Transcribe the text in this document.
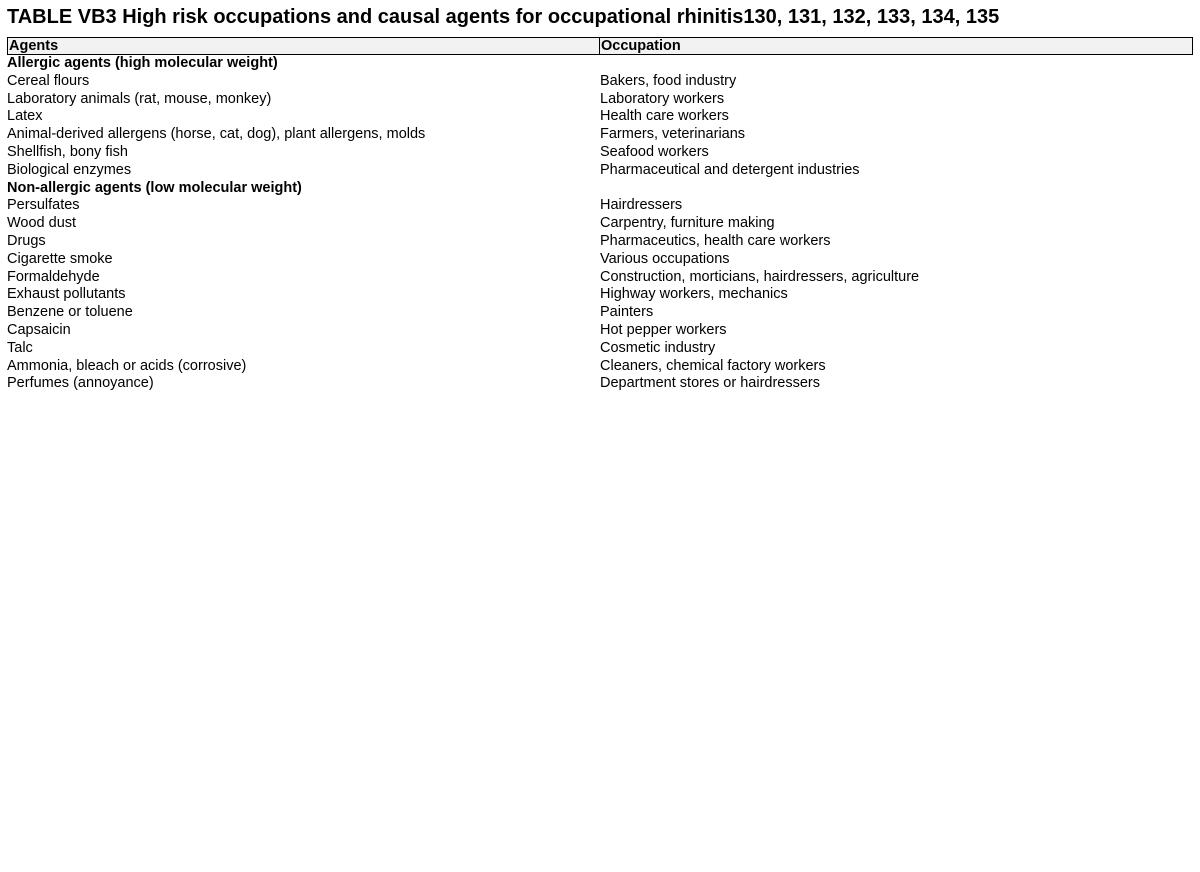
TABLE VB3 High risk occupations and causal agents for occupational rhinitis130, 131, 132, 133, 134, 135
Agents	Occupation
Allergic agents (high molecular weight)
Cereal flours	Bakers, food industry
Laboratory animals (rat, mouse, monkey)	Laboratory workers
Latex	Health care workers
Animal-derived allergens (horse, cat, dog), plant allergens, molds	Farmers, veterinarians
Shellfish, bony fish	Seafood workers
Biological enzymes	Pharmaceutical and detergent industries
Non-allergic agents (low molecular weight)
Persulfates	Hairdressers
Wood dust	Carpentry, furniture making
Drugs	Pharmaceutics, health care workers
Cigarette smoke	Various occupations
Formaldehyde	Construction, morticians, hairdressers, agriculture
Exhaust pollutants	Highway workers, mechanics
Benzene or toluene	Painters
Capsaicin	Hot pepper workers
Talc	Cosmetic industry
Ammonia, bleach or acids (corrosive)	Cleaners, chemical factory workers
Perfumes (annoyance)	Department stores or hairdressers
